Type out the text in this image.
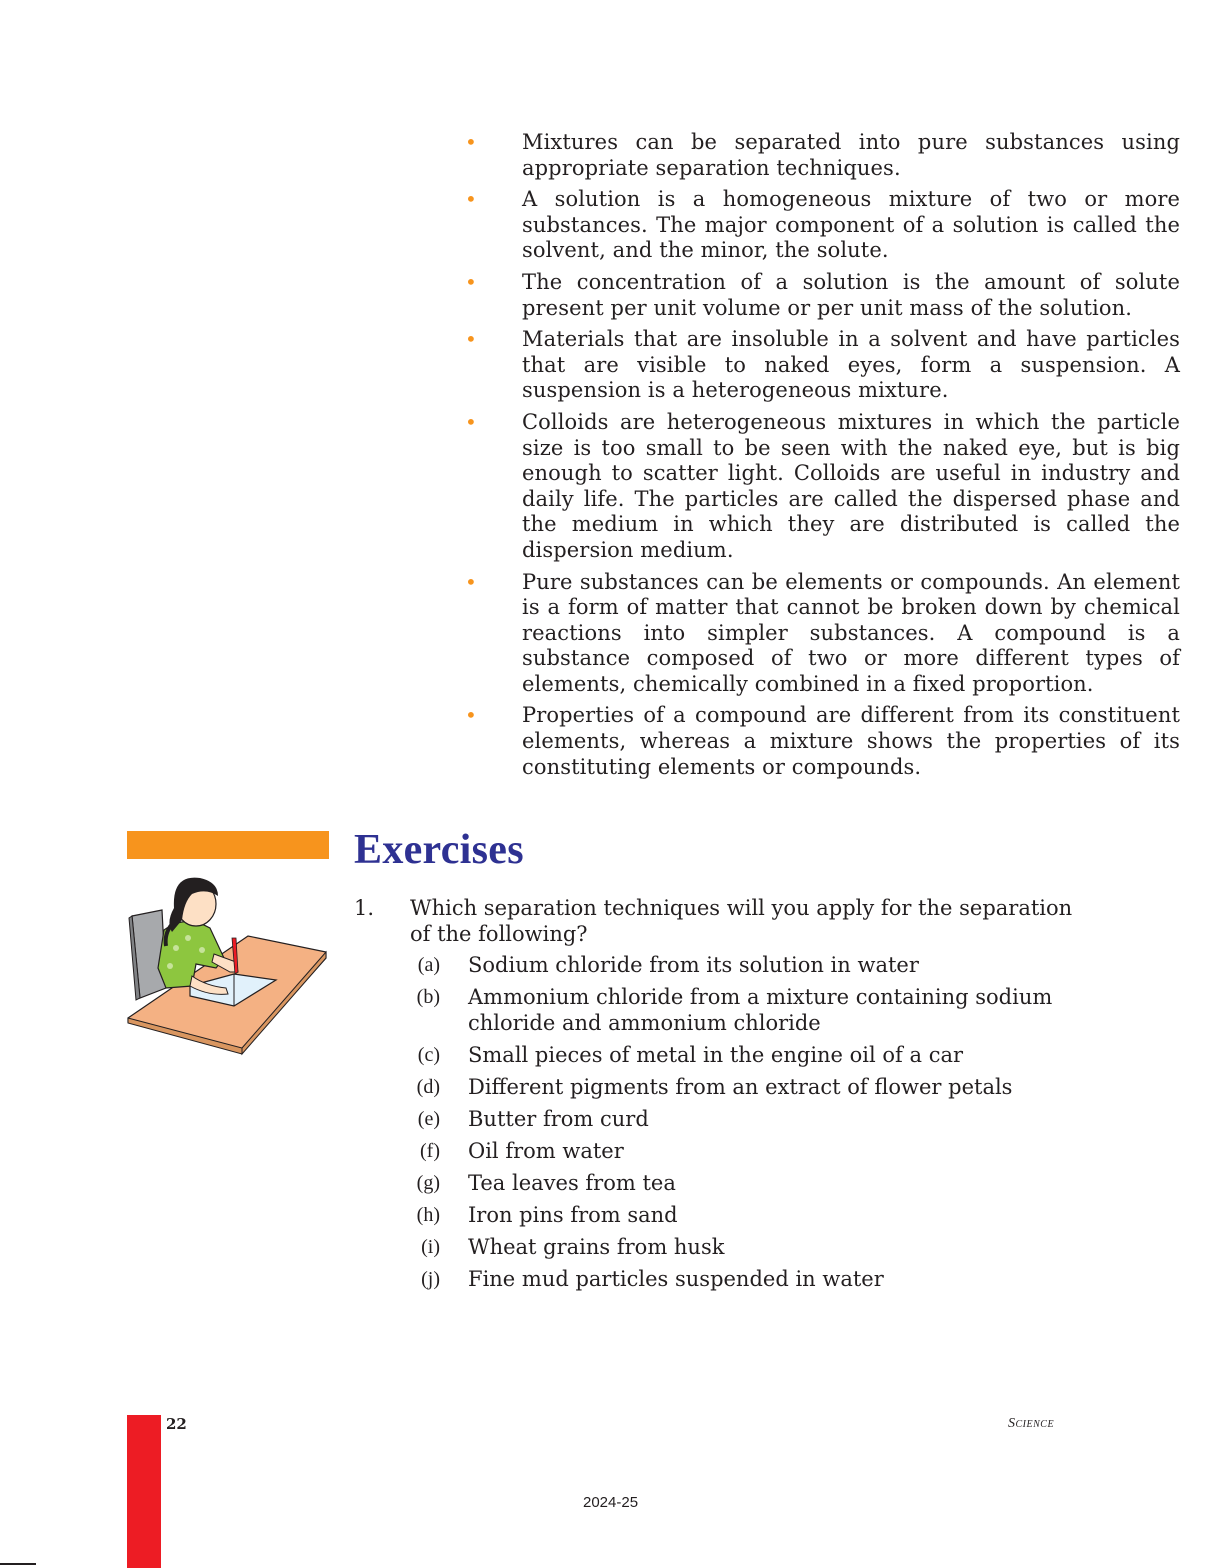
• Mixtures can be separated into pure substances using appropriate separation techniques.
• A solution is a homogeneous mixture of two or more substances. The major component of a solution is called the solvent, and the minor, the solute.
• The concentration of a solution is the amount of solute present per unit volume or per unit mass of the solution.
• Materials that are insoluble in a solvent and have particles that are visible to naked eyes, form a suspension. A suspension is a heterogeneous mixture.
• Colloids are heterogeneous mixtures in which the particle size is too small to be seen with the naked eye, but is big enough to scatter light. Colloids are useful in industry and daily life. The particles are called the dispersed phase and the medium in which they are distributed is called the dispersion medium.
• Pure substances can be elements or compounds. An element is a form of matter that cannot be broken down by chemical reactions into simpler substances. A compound is a substance composed of two or more different types of elements, chemically combined in a fixed proportion.
• Properties of a compound are different from its constituent elements, whereas a mixture shows the properties of its constituting elements or compounds.
Exercises
1. Which separation techniques will you apply for the separation of the following?
(a) Sodium chloride from its solution in water
(b) Ammonium chloride from a mixture containing sodium chloride and ammonium chloride
(c) Small pieces of metal in the engine oil of a car
(d) Different pigments from an extract of flower petals
(e) Butter from curd
(f) Oil from water
(g) Tea leaves from tea
(h) Iron pins from sand
(i) Wheat grains from husk
(j) Fine mud particles suspended in water
22	Science
2024-25
